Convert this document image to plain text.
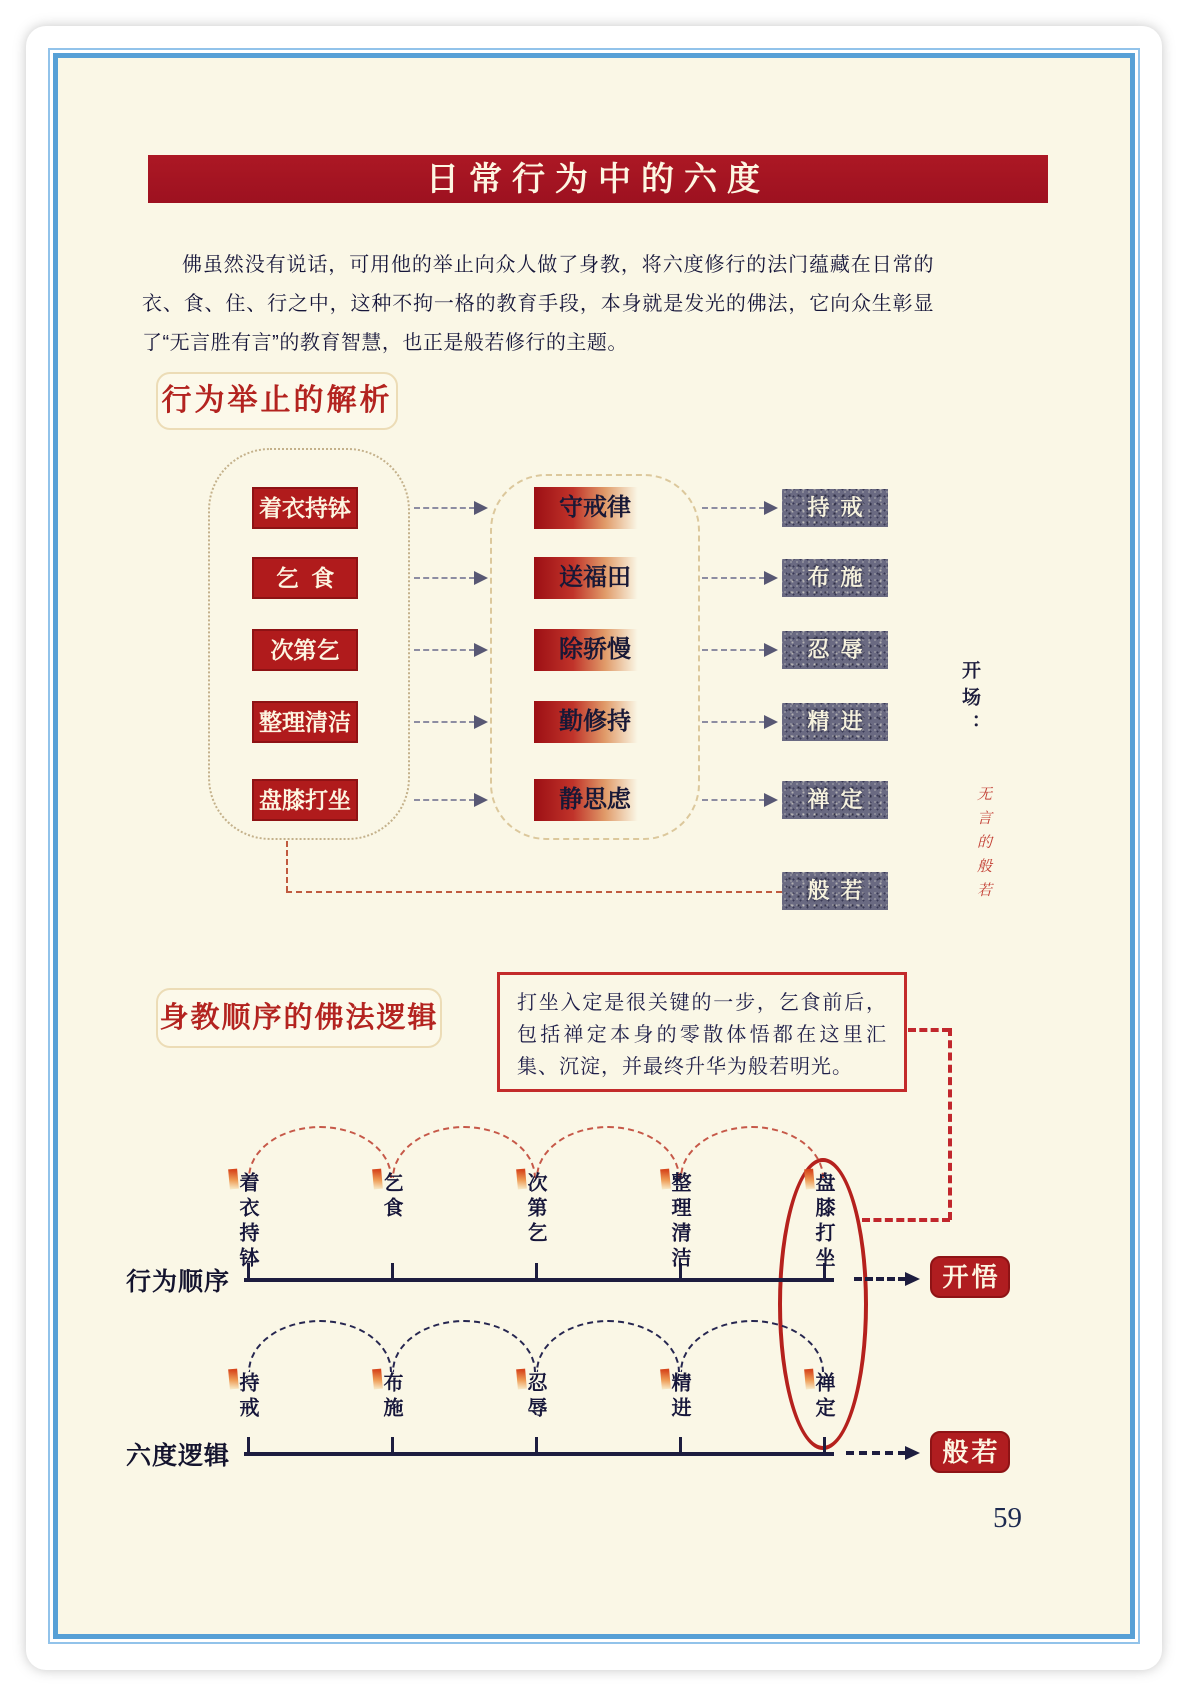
日常行为中的六度
佛虽然没有说话，可用他的举止向众人做了身教，将六度修行的法门蕴藏在日常的衣、食、住、行之中，这种不拘一格的教育手段，本身就是发光的佛法，它向众生彰显了“无言胜有言”的教育智慧，也正是般若修行的主题。
行为举止的解析
般若
开场：
无言的般若
身教顺序的佛法逻辑	打坐入定是很关键的一步，乞食前后，包括禅定本身的零散体悟都在这里汇集、沉淀，并最终升华为般若明光。
行为顺序
六度逻辑
开悟
般若
59
着衣持钵	守戒律	持戒
乞食	送福田	布施
次第乞	除骄慢	忍辱
整理清洁	勤修持	精进
盘膝打坐	静思虑	禅定
着衣持钵	乞食	次第乞	整理清洁	盘膝打坐
持戒	布施	忍辱	精进	禅定
